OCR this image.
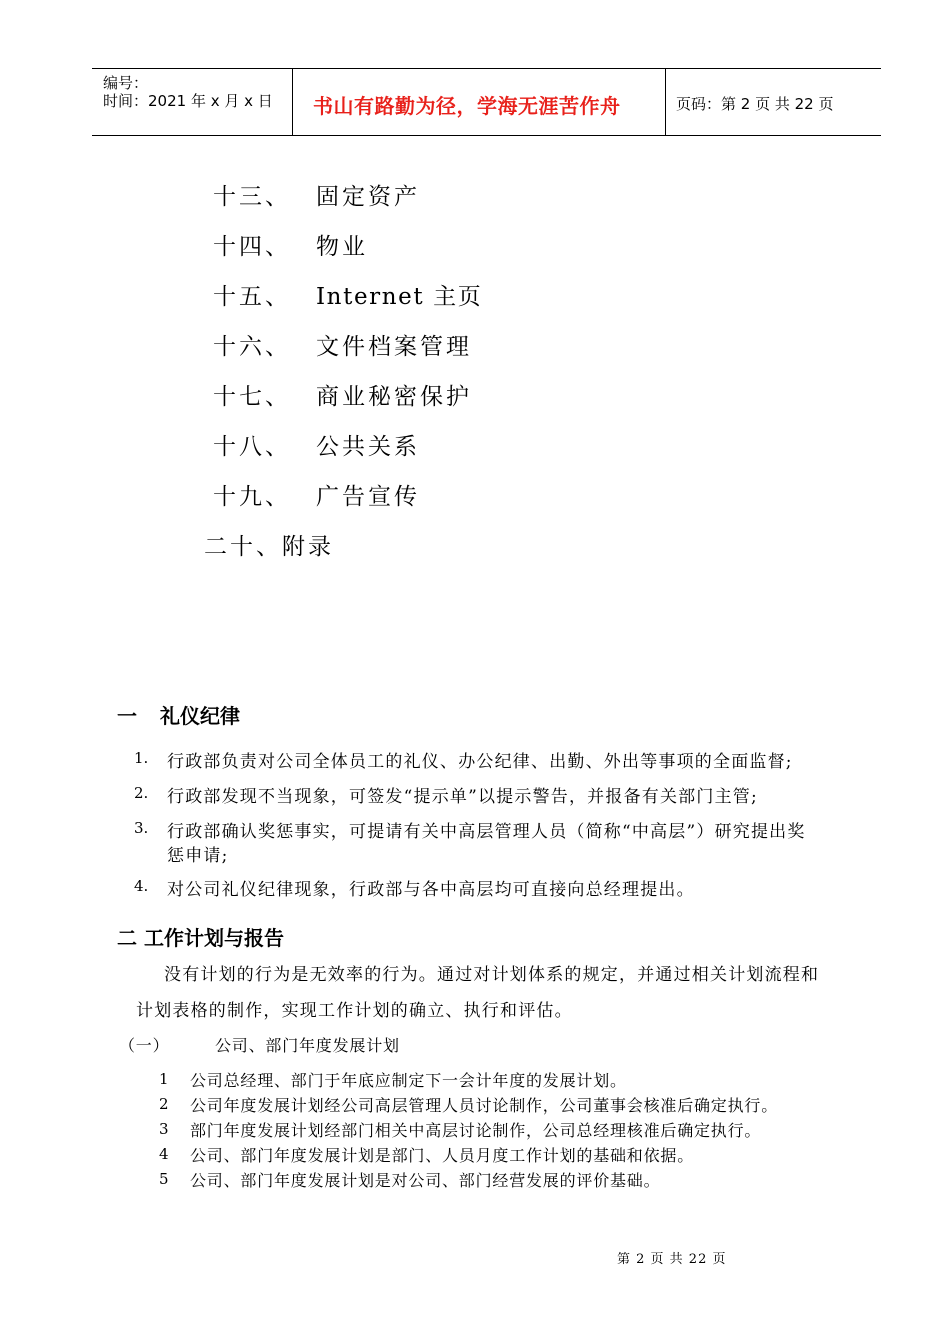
编号：
时间：2021 年 x 月 x 日 书山有路勤为径，学海无涯苦作舟	页码：第 2 页 共 22 页
十三、 固定资产
十四、 物业
十五、 Internet 主页
十六、 文件档案管理
十七、 商业秘密保护
十八、 公共关系
十九、 广告宣传
二十、附录
一 礼仪纪律
1. 行政部负责对公司全体员工的礼仪、办公纪律、出勤、外出等事项的全面监督;
2. 行政部发现不当现象，可签发“提示单”以提示警告，并报备有关部门主管;
3. 行政部确认奖惩事实，可提请有关中高层管理人员（简称“中高层”）研究提出奖
惩申请;
4. 对公司礼仪纪律现象，行政部与各中高层均可直接向总经理提出。
二 工作计划与报告
没有计划的行为是无效率的行为。通过对计划体系的规定，并通过相关计划流程和
计划表格的制作，实现工作计划的确立、执行和评估。
（一）	公司、部门年度发展计划
1 公司总经理、部门于年底应制定下一会计年度的发展计划。
2 公司年度发展计划经公司高层管理人员讨论制作，公司董事会核准后确定执行。
3 部门年度发展计划经部门相关中高层讨论制作，公司总经理核准后确定执行。
4 公司、部门年度发展计划是部门、人员月度工作计划的基础和依据。
5 公司、部门年度发展计划是对公司、部门经营发展的评价基础。
第 2 页 共 22 页
